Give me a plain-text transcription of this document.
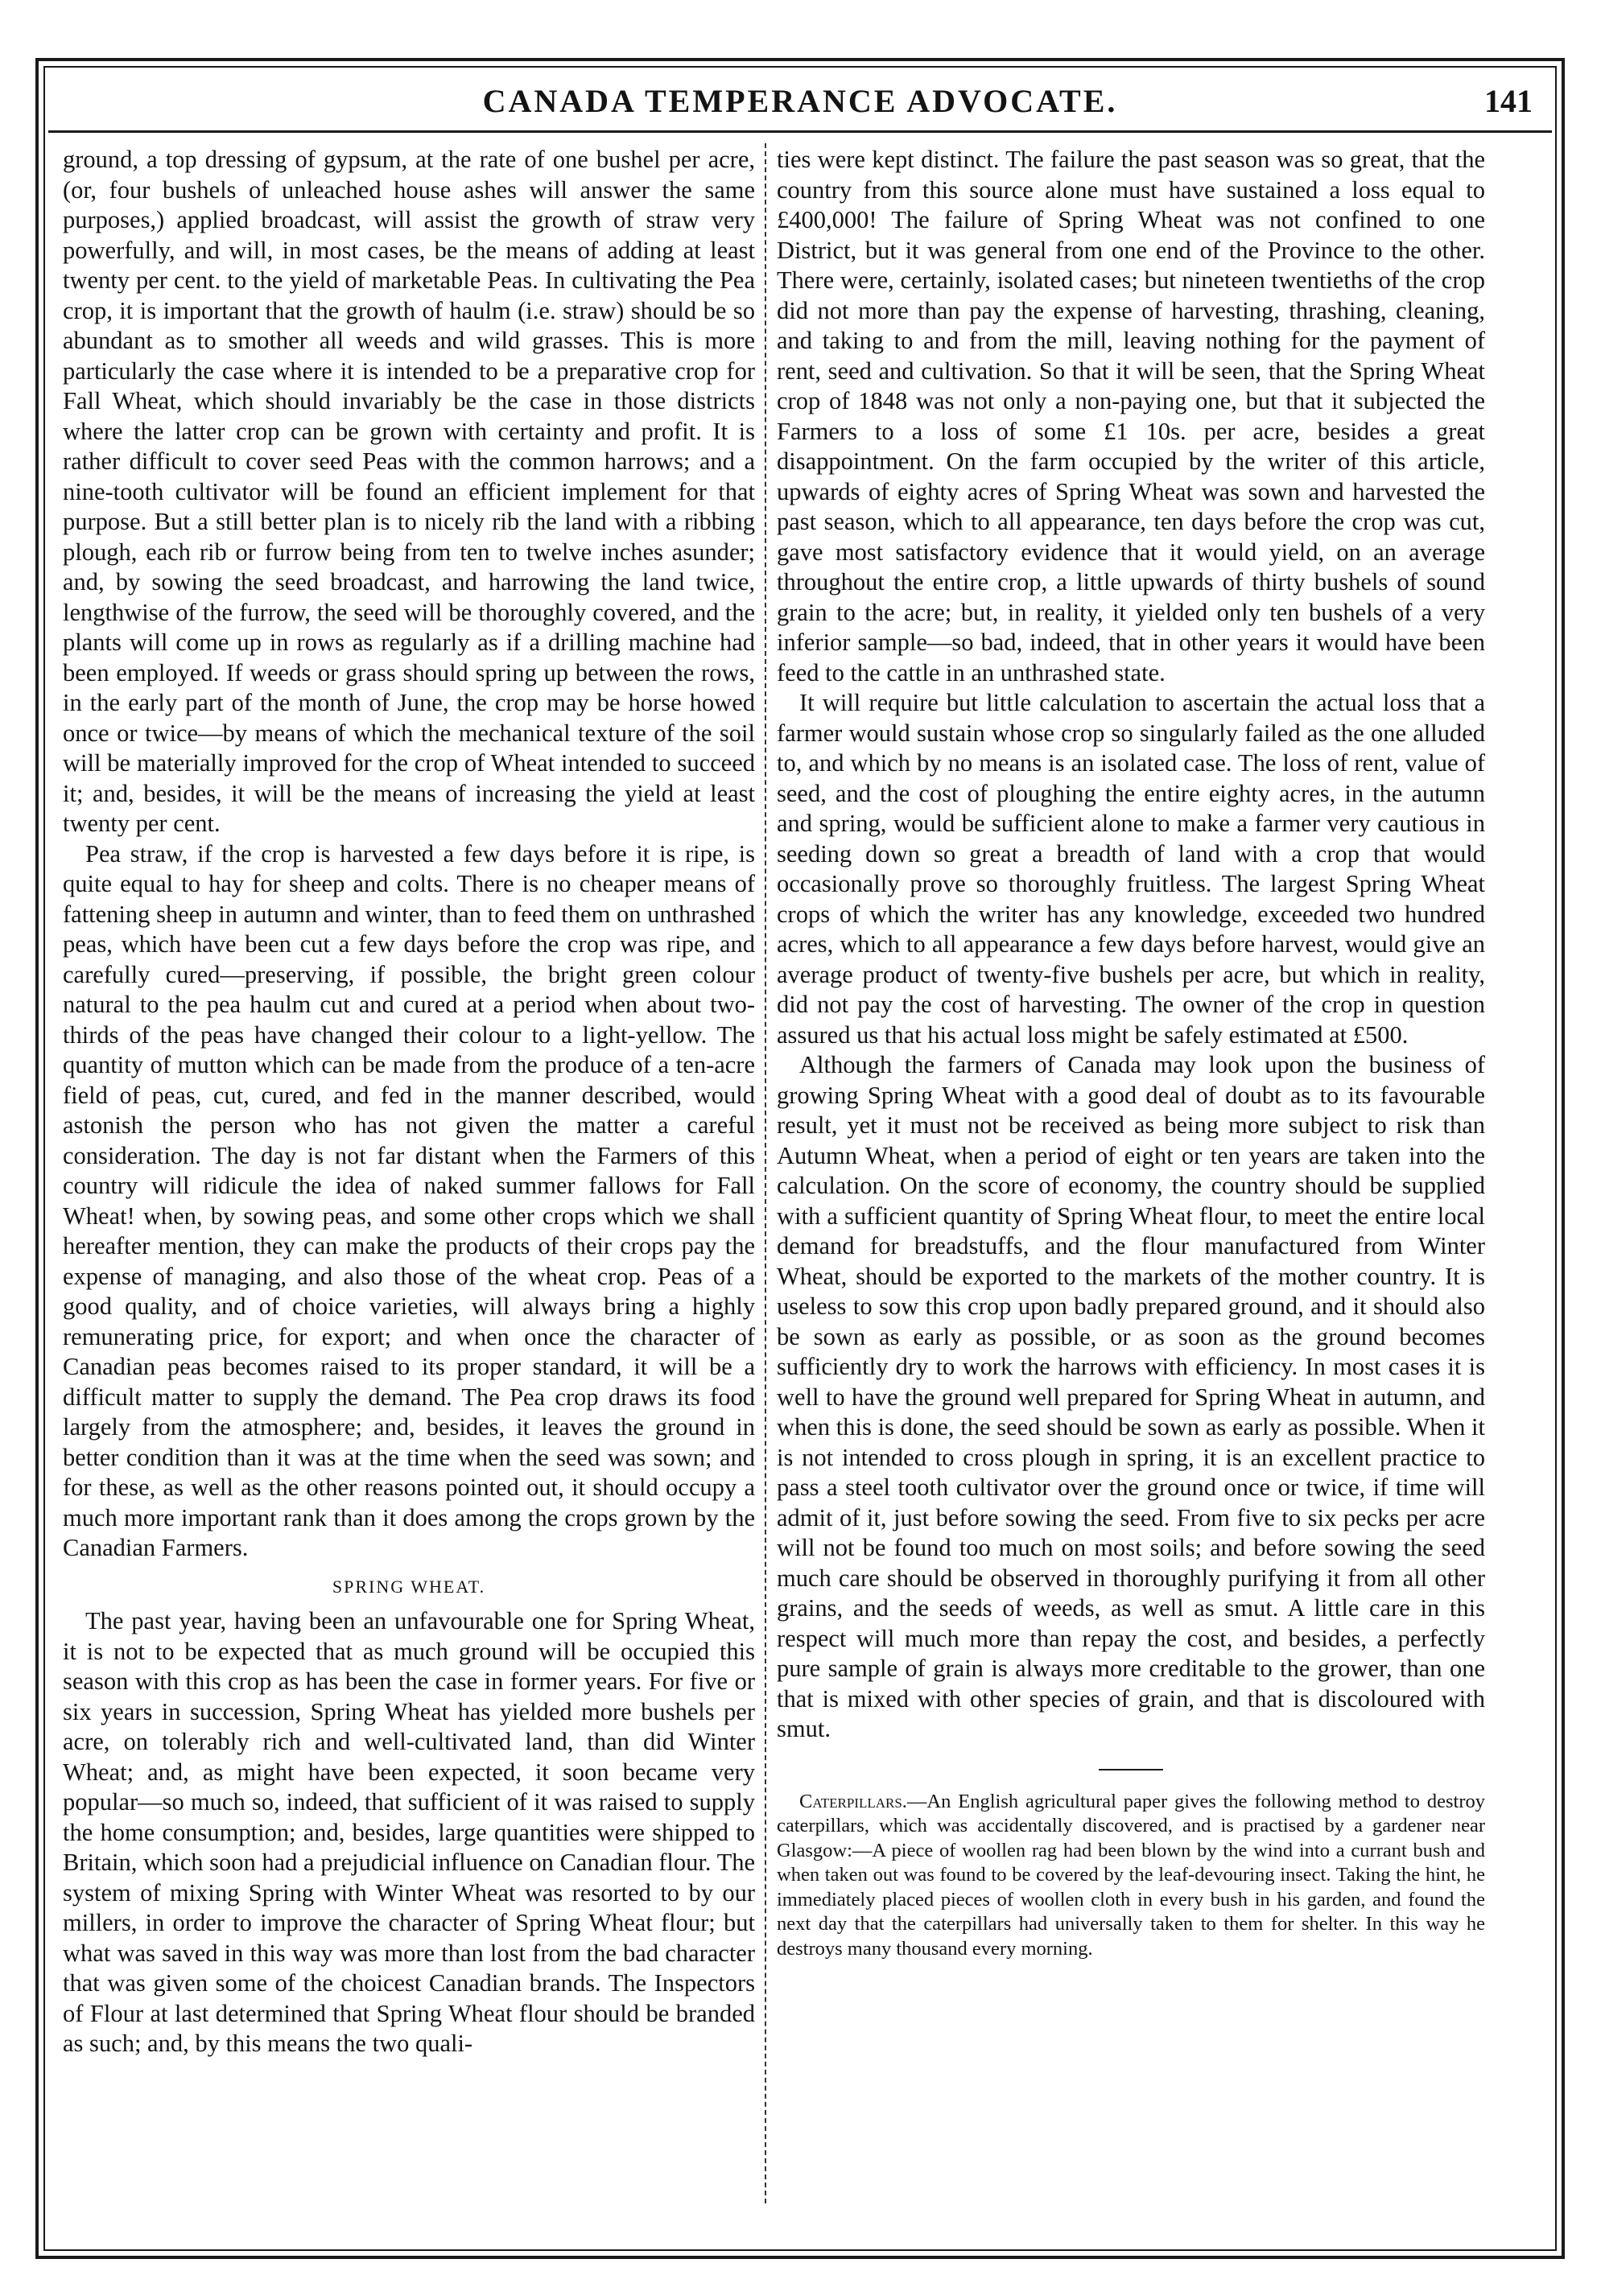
CANADA TEMPERANCE ADVOCATE.	141

ground, a top dressing of gypsum, at the rate of one bushel per acre, (or, four bushels of unleached house ashes will answer the same purposes,) applied broadcast, will assist the growth of straw very powerfully, and will, in most cases, be the means of adding at least twenty per cent. to the yield of marketable Peas. In cultivating the Pea crop, it is important that the growth of haulm (i.e. straw) should be so abundant as to smother all weeds and wild grasses. This is more particularly the case where it is intended to be a preparative crop for Fall Wheat, which should invariably be the case in those districts where the latter crop can be grown with certainty and profit. It is rather difficult to cover seed Peas with the common harrows; and a nine-tooth cultivator will be found an efficient implement for that purpose. But a still better plan is to nicely rib the land with a ribbing plough, each rib or furrow being from ten to twelve inches asunder; and, by sowing the seed broadcast, and harrowing the land twice, lengthwise of the furrow, the seed will be thoroughly covered, and the plants will come up in rows as regularly as if a drilling machine had been employed. If weeds or grass should spring up between the rows, in the early part of the month of June, the crop may be horse howed once or twice—by means of which the mechanical texture of the soil will be materially improved for the crop of Wheat intended to succeed it; and, besides, it will be the means of increasing the yield at least twenty per cent.

Pea straw, if the crop is harvested a few days before it is ripe, is quite equal to hay for sheep and colts. There is no cheaper means of fattening sheep in autumn and winter, than to feed them on unthrashed peas, which have been cut a few days before the crop was ripe, and carefully cured—preserving, if possible, the bright green colour natural to the pea haulm cut and cured at a period when about two-thirds of the peas have changed their colour to a light-yellow. The quantity of mutton which can be made from the produce of a ten-acre field of peas, cut, cured, and fed in the manner described, would astonish the person who has not given the matter a careful consideration. The day is not far distant when the Farmers of this country will ridicule the idea of naked summer fallows for Fall Wheat! when, by sowing peas, and some other crops which we shall hereafter mention, they can make the products of their crops pay the expense of managing, and also those of the wheat crop. Peas of a good quality, and of choice varieties, will always bring a highly remunerating price, for export; and when once the character of Canadian peas becomes raised to its proper standard, it will be a difficult matter to supply the demand. The Pea crop draws its food largely from the atmosphere; and, besides, it leaves the ground in better condition than it was at the time when the seed was sown; and for these, as well as the other reasons pointed out, it should occupy a much more important rank than it does among the crops grown by the Canadian Farmers.

SPRING WHEAT.

The past year, having been an unfavourable one for Spring Wheat, it is not to be expected that as much ground will be occupied this season with this crop as has been the case in former years. For five or six years in succession, Spring Wheat has yielded more bushels per acre, on tolerably rich and well-cultivated land, than did Winter Wheat; and, as might have been expected, it soon became very popular—so much so, indeed, that sufficient of it was raised to supply the home consumption; and, besides, large quantities were shipped to Britain, which soon had a prejudicial influence on Canadian flour. The system of mixing Spring with Winter Wheat was resorted to by our millers, in order to improve the character of Spring Wheat flour; but what was saved in this way was more than lost from the bad character that was given some of the choicest Canadian brands. The Inspectors of Flour at last determined that Spring Wheat flour should be branded as such; and, by this means the two quali-

ties were kept distinct. The failure the past season was so great, that the country from this source alone must have sustained a loss equal to £400,000! The failure of Spring Wheat was not confined to one District, but it was general from one end of the Province to the other. There were, certainly, isolated cases; but nineteen twentieths of the crop did not more than pay the expense of harvesting, thrashing, cleaning, and taking to and from the mill, leaving nothing for the payment of rent, seed and cultivation. So that it will be seen, that the Spring Wheat crop of 1848 was not only a non-paying one, but that it subjected the Farmers to a loss of some £1 10s. per acre, besides a great disappointment. On the farm occupied by the writer of this article, upwards of eighty acres of Spring Wheat was sown and harvested the past season, which to all appearance, ten days before the crop was cut, gave most satisfactory evidence that it would yield, on an average throughout the entire crop, a little upwards of thirty bushels of sound grain to the acre; but, in reality, it yielded only ten bushels of a very inferior sample—so bad, indeed, that in other years it would have been feed to the cattle in an unthrashed state.

It will require but little calculation to ascertain the actual loss that a farmer would sustain whose crop so singularly failed as the one alluded to, and which by no means is an isolated case. The loss of rent, value of seed, and the cost of ploughing the entire eighty acres, in the autumn and spring, would be sufficient alone to make a farmer very cautious in seeding down so great a breadth of land with a crop that would occasionally prove so thoroughly fruitless. The largest Spring Wheat crops of which the writer has any knowledge, exceeded two hundred acres, which to all appearance a few days before harvest, would give an average product of twenty-five bushels per acre, but which in reality, did not pay the cost of harvesting. The owner of the crop in question assured us that his actual loss might be safely estimated at £500.

Although the farmers of Canada may look upon the business of growing Spring Wheat with a good deal of doubt as to its favourable result, yet it must not be received as being more subject to risk than Autumn Wheat, when a period of eight or ten years are taken into the calculation. On the score of economy, the country should be supplied with a sufficient quantity of Spring Wheat flour, to meet the entire local demand for breadstuffs, and the flour manufactured from Winter Wheat, should be exported to the markets of the mother country. It is useless to sow this crop upon badly prepared ground, and it should also be sown as early as possible, or as soon as the ground becomes sufficiently dry to work the harrows with efficiency. In most cases it is well to have the ground well prepared for Spring Wheat in autumn, and when this is done, the seed should be sown as early as possible. When it is not intended to cross plough in spring, it is an excellent practice to pass a steel tooth cultivator over the ground once or twice, if time will admit of it, just before sowing the seed. From five to six pecks per acre will not be found too much on most soils; and before sowing the seed much care should be observed in thoroughly purifying it from all other grains, and the seeds of weeds, as well as smut. A little care in this respect will much more than repay the cost, and besides, a perfectly pure sample of grain is always more creditable to the grower, than one that is mixed with other species of grain, and that is discoloured with smut.

Caterpillars.—An English agricultural paper gives the following method to destroy caterpillars, which was accidentally discovered, and is practised by a gardener near Glasgow:—A piece of woollen rag had been blown by the wind into a currant bush and when taken out was found to be covered by the leaf-devouring insect. Taking the hint, he immediately placed pieces of woollen cloth in every bush in his garden, and found the next day that the caterpillars had universally taken to them for shelter. In this way he destroys many thousand every morning.
